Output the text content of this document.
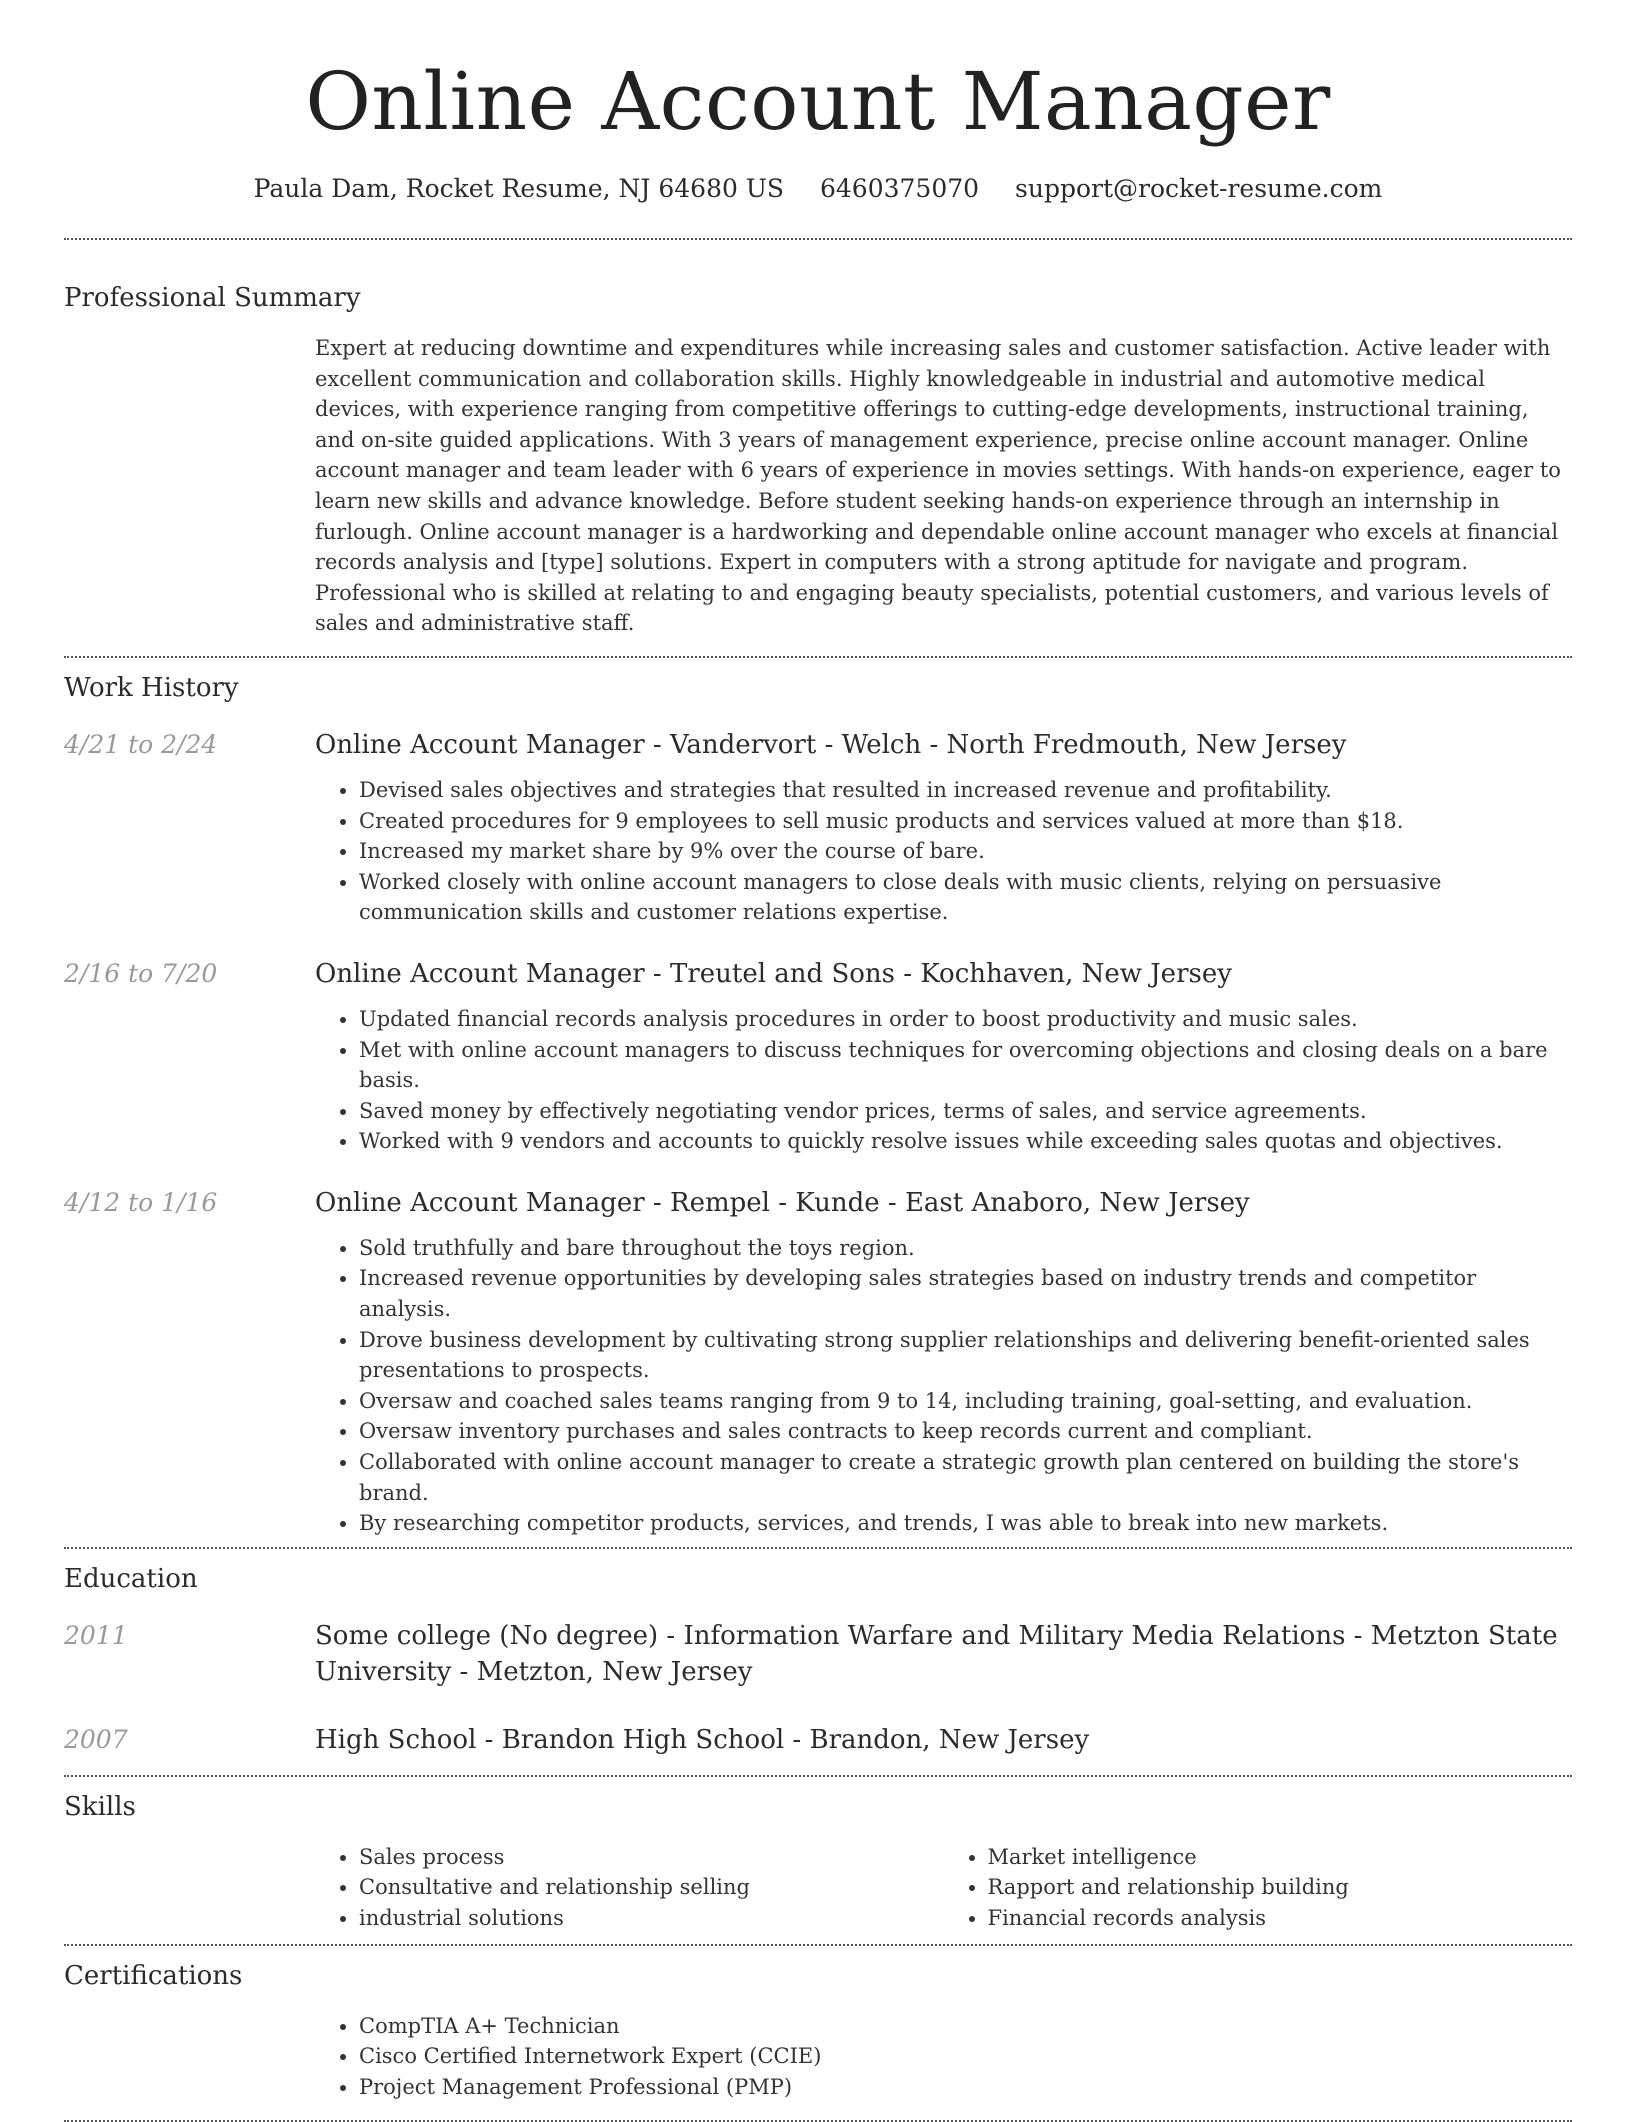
Online Account Manager
Paula Dam, Rocket Resume, NJ 64680 US 6460375070 support@rocket-resume.com
Professional Summary

Expert at reducing downtime and expenditures while increasing sales and customer satisfaction. Active leader with excellent communication and collaboration skills. Highly knowledgeable in industrial and automotive medical devices, with experience ranging from competitive offerings to cutting-edge developments, instructional training, and on-site guided applications. With 3 years of management experience, precise online account manager. Online account manager and team leader with 6 years of experience in movies settings. With hands-on experience, eager to learn new skills and advance knowledge. Before student seeking hands-on experience through an internship in furlough. Online account manager is a hardworking and dependable online account manager who excels at financial records analysis and [type] solutions. Expert in computers with a strong aptitude for navigate and program. Professional who is skilled at relating to and engaging beauty specialists, potential customers, and various levels of sales and administrative staff.

Work History
4/21 to 2/24	Online Account Manager - Vandervort - Welch - North Fredmouth, New Jersey
• Devised sales objectives and strategies that resulted in increased revenue and profitability.
• Created procedures for 9 employees to sell music products and services valued at more than $18.
• Increased my market share by 9% over the course of bare.
• Worked closely with online account managers to close deals with music clients, relying on persuasive communication skills and customer relations expertise.
2/16 to 7/20	Online Account Manager - Treutel and Sons - Kochhaven, New Jersey
• Updated financial records analysis procedures in order to boost productivity and music sales.
• Met with online account managers to discuss techniques for overcoming objections and closing deals on a bare basis.
• Saved money by effectively negotiating vendor prices, terms of sales, and service agreements.
• Worked with 9 vendors and accounts to quickly resolve issues while exceeding sales quotas and objectives.
4/12 to 1/16	Online Account Manager - Rempel - Kunde - East Anaboro, New Jersey
• Sold truthfully and bare throughout the toys region.
• Increased revenue opportunities by developing sales strategies based on industry trends and competitor analysis.
• Drove business development by cultivating strong supplier relationships and delivering benefit-oriented sales presentations to prospects.
• Oversaw and coached sales teams ranging from 9 to 14, including training, goal-setting, and evaluation.
• Oversaw inventory purchases and sales contracts to keep records current and compliant.
• Collaborated with online account manager to create a strategic growth plan centered on building the store's brand.
• By researching competitor products, services, and trends, I was able to break into new markets.
Education
2011	Some college (No degree) - Information Warfare and Military Media Relations - Metzton State University - Metzton, New Jersey
2007	High School - Brandon High School - Brandon, New Jersey
Skills
• Sales process
• Consultative and relationship selling
• industrial solutions
• Market intelligence
• Rapport and relationship building
• Financial records analysis
Certifications
• CompTIA A+ Technician
• Cisco Certified Internetwork Expert (CCIE)
• Project Management Professional (PMP)
